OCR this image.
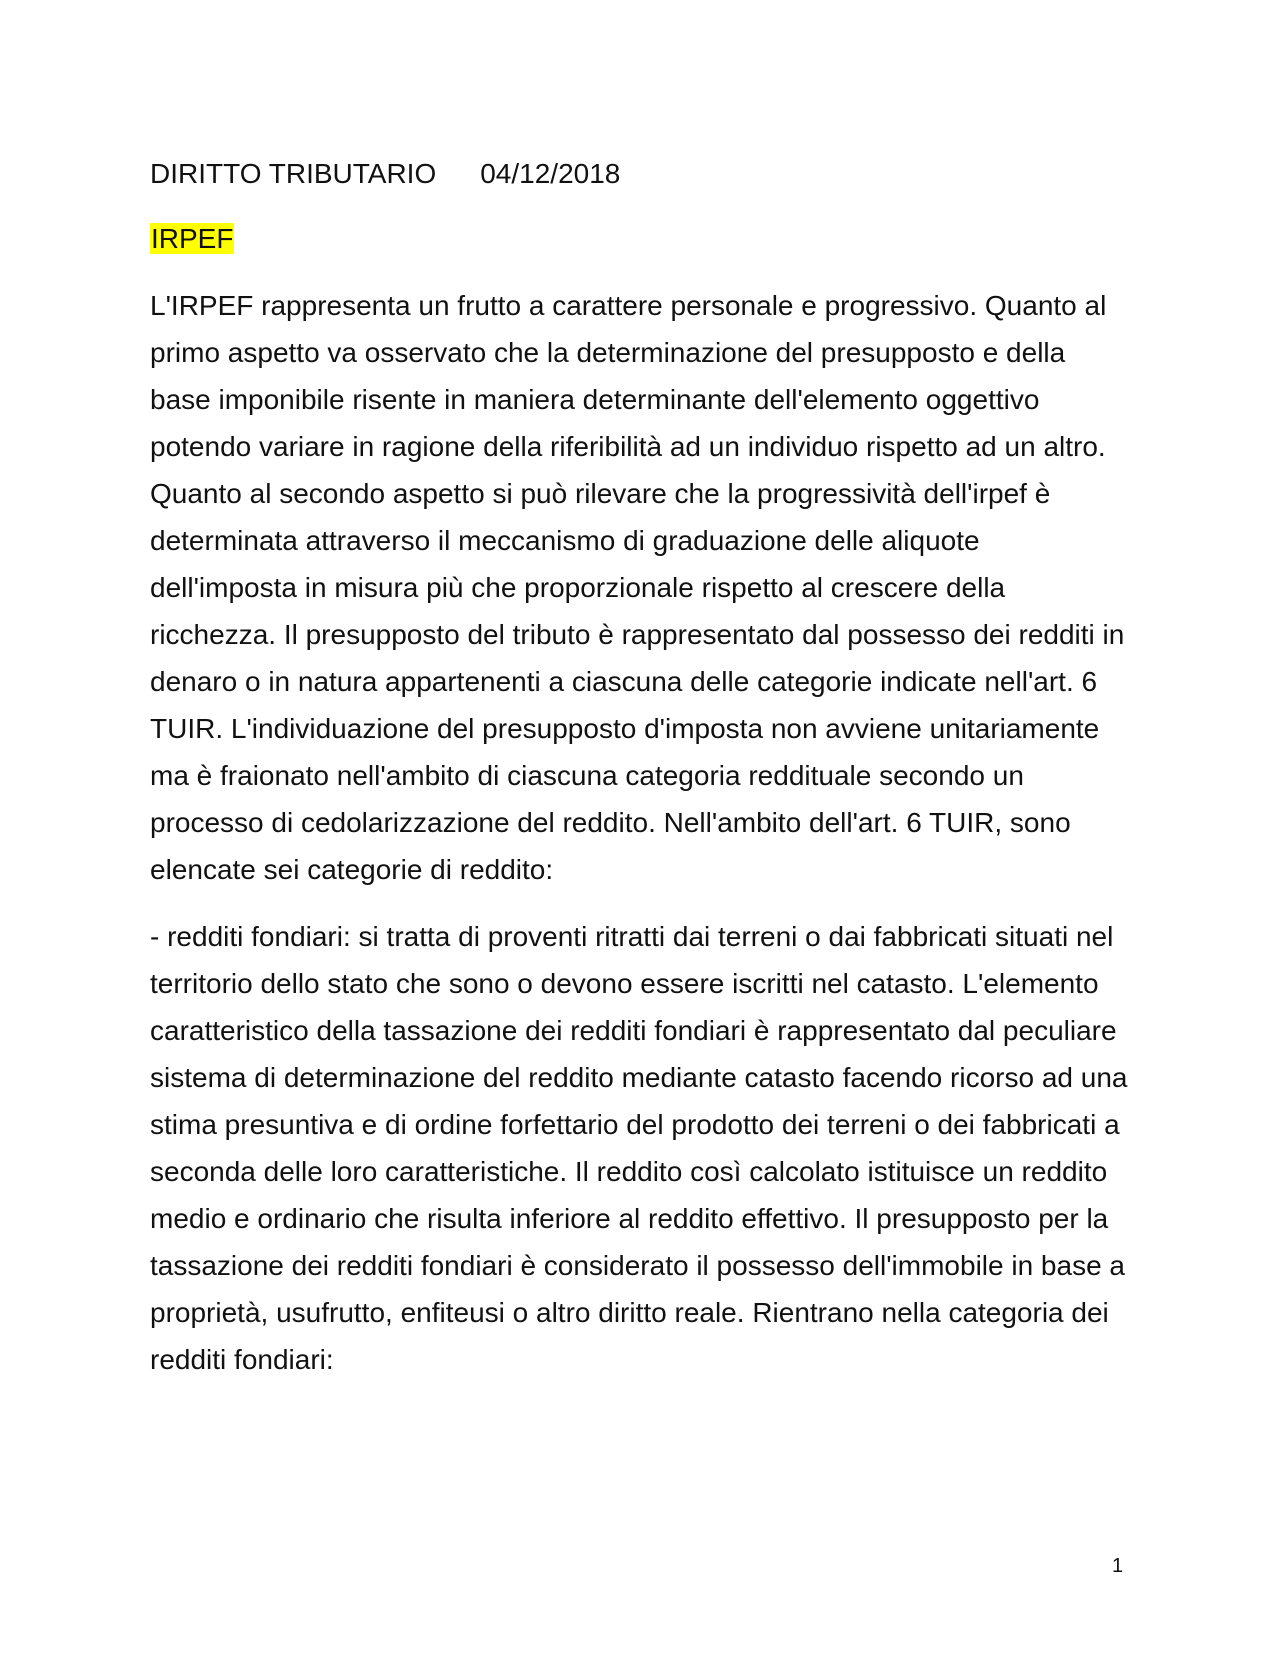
DIRITTO TRIBUTARIO 04/12/2018
IRPEF

L'IRPEF rappresenta un frutto a carattere personale e progressivo. Quanto al primo aspetto va osservato che la determinazione del presupposto e della base imponibile risente in maniera determinante dell'elemento oggettivo potendo variare in ragione della riferibilità ad un individuo rispetto ad un altro. Quanto al secondo aspetto si può rilevare che la progressività dell'irpef è determinata attraverso il meccanismo di graduazione delle aliquote dell'imposta in misura più che proporzionale rispetto al crescere della ricchezza. Il presupposto del tributo è rappresentato dal possesso dei redditi in denaro o in natura appartenenti a ciascuna delle categorie indicate nell'art. 6 TUIR. L'individuazione del presupposto d'imposta non avviene unitariamente ma è fraionato nell'ambito di ciascuna categoria reddituale secondo un processo di cedolarizzazione del reddito. Nell'ambito dell'art. 6 TUIR, sono elencate sei categorie di reddito:

- redditi fondiari: si tratta di proventi ritratti dai terreni o dai fabbricati situati nel territorio dello stato che sono o devono essere iscritti nel catasto. L'elemento caratteristico della tassazione dei redditi fondiari è rappresentato dal peculiare sistema di determinazione del reddito mediante catasto facendo ricorso ad una stima presuntiva e di ordine forfettario del prodotto dei terreni o dei fabbricati a seconda delle loro caratteristiche. Il reddito così calcolato istituisce un reddito medio e ordinario che risulta inferiore al reddito effettivo. Il presupposto per la tassazione dei redditi fondiari è considerato il possesso dell'immobile in base a proprietà, usufrutto, enfiteusi o altro diritto reale. Rientrano nella categoria dei redditi fondiari:

1
